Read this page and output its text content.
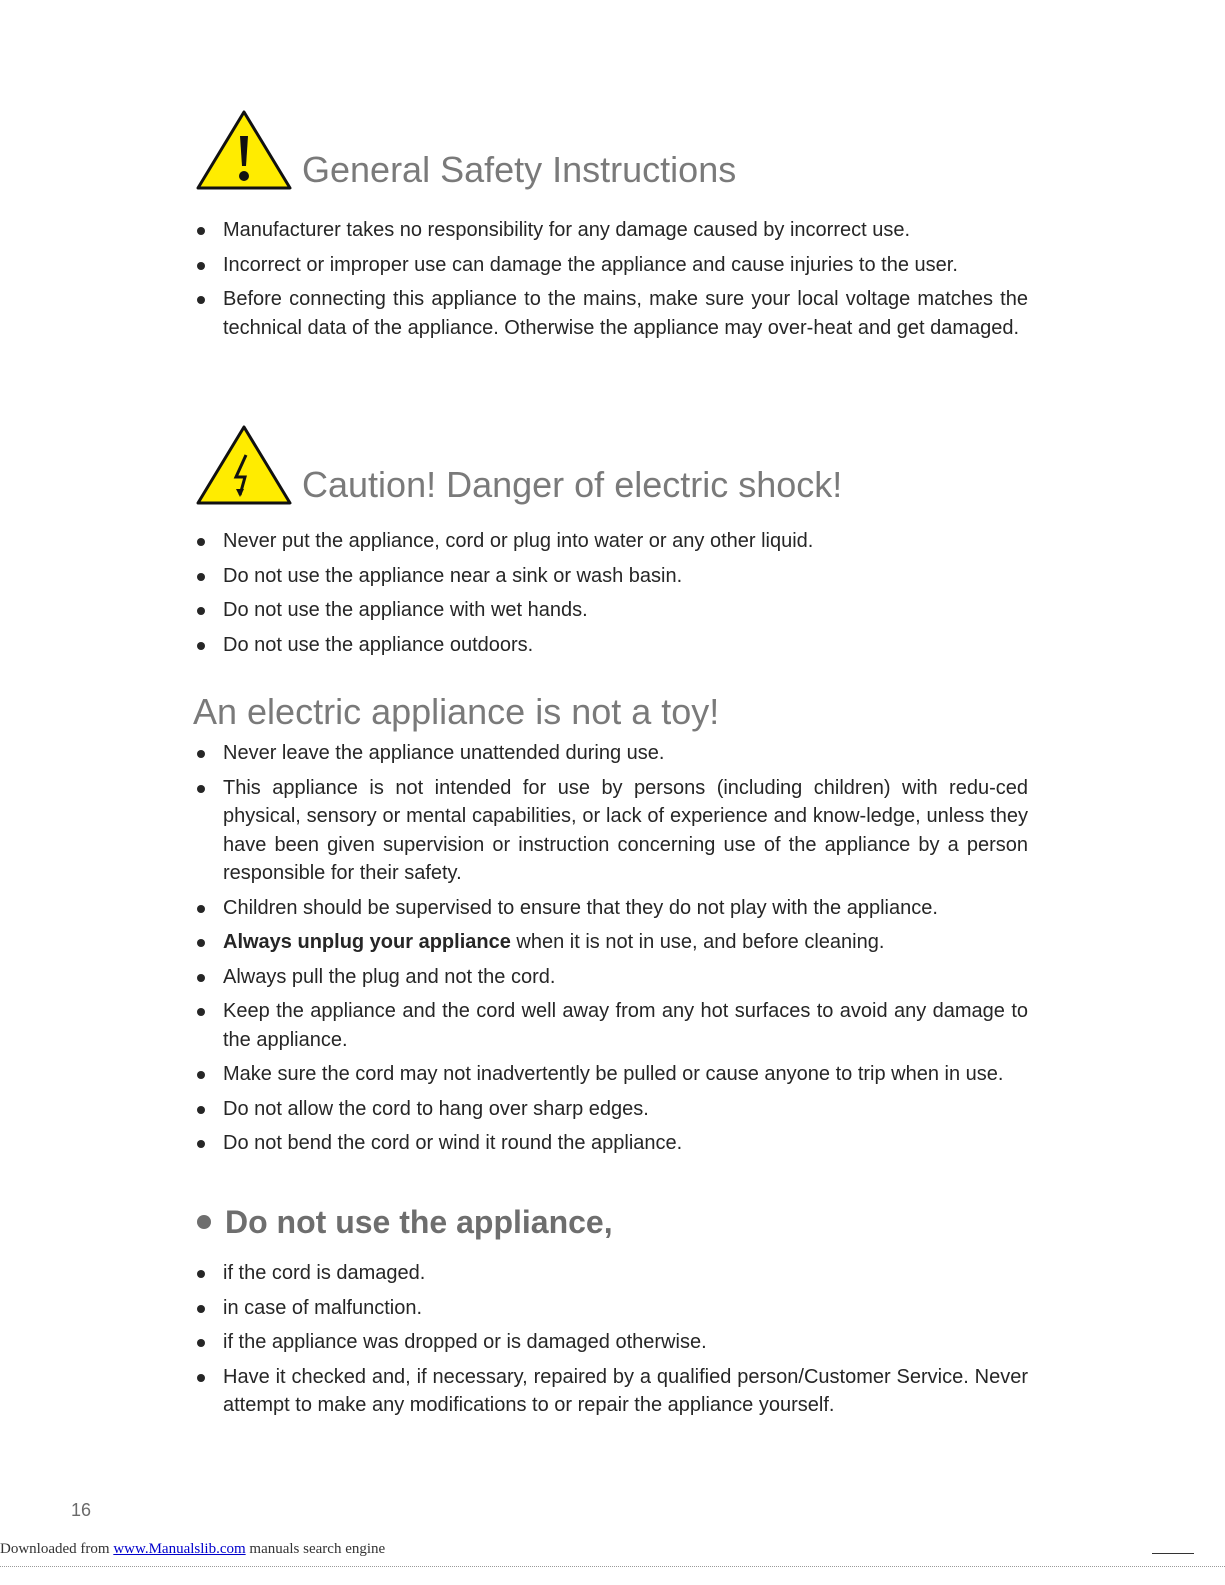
General Safety Instructions
Manufacturer takes no responsibility for any damage caused by incorrect use.
Incorrect or improper use can damage the appliance and cause injuries to the user.
Before connecting this appliance to the mains, make sure your local voltage matches the technical data of the appliance. Otherwise the appliance may over-heat and get damaged.
Caution! Danger of electric shock!
Never put the appliance, cord or plug into water or any other liquid.
Do not use the appliance near a sink or wash basin.
Do not use the appliance with wet hands.
Do not use the appliance outdoors.
An electric appliance is not a toy!
Never leave the appliance unattended during use.
This appliance is not intended for use by persons (including children) with redu-ced physical, sensory or mental capabilities, or lack of experience and know-ledge, unless they have been given supervision or instruction concerning use of the appliance by a person responsible for their safety.
Children should be supervised to ensure that they do not play with the appliance.
Always unplug your appliance when it is not in use, and before cleaning.
Always pull the plug and not the cord.
Keep the appliance and the cord well away from any hot surfaces to avoid any damage to the appliance.
Make sure the cord may not inadvertently be pulled or cause anyone to trip when in use.
Do not allow the cord to hang over sharp edges.
Do not bend the cord or wind it round the appliance.
Do not use the appliance,
if the cord is damaged.
in case of malfunction.
if the appliance was dropped or is damaged otherwise.
Have it checked and, if necessary, repaired by a qualified person/Customer Service. Never attempt to make any modifications to or repair the appliance yourself.
16
Downloaded from www.Manualslib.com manuals search engine
